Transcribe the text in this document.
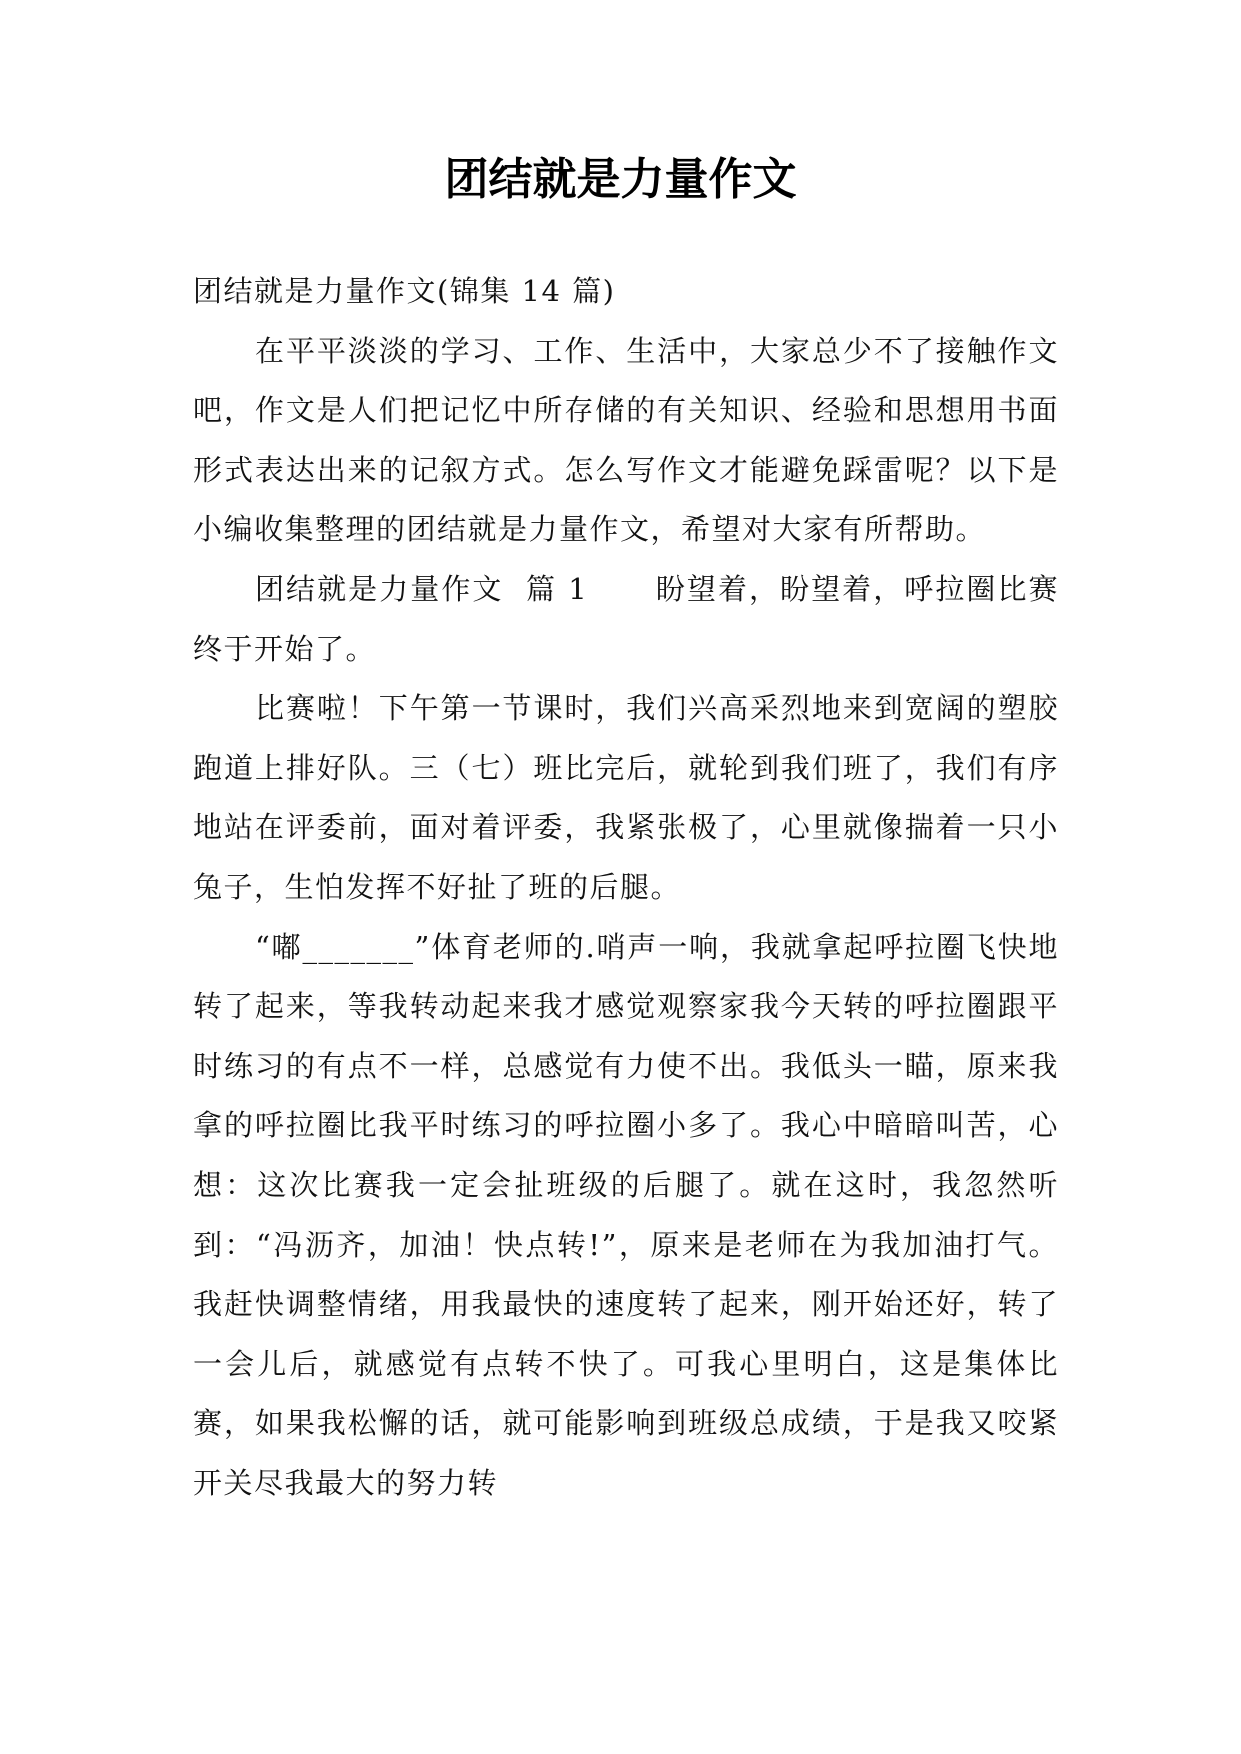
团结就是力量作文

团结就是力量作文(锦集 14 篇)

在平平淡淡的学习、工作、生活中，大家总少不了接触作文吧，作文是人们把记忆中所存储的有关知识、经验和思想用书面形式表达出来的记叙方式。怎么写作文才能避免踩雷呢？以下是小编收集整理的团结就是力量作文，希望对大家有所帮助。

团结就是力量作文  篇 1      盼望着，盼望着，呼拉圈比赛终于开始了。

比赛啦！下午第一节课时，我们兴高采烈地来到宽阔的塑胶跑道上排好队。三（七）班比完后，就轮到我们班了，我们有序地站在评委前，面对着评委，我紧张极了，心里就像揣着一只小兔子，生怕发挥不好扯了班的后腿。

“嘟_______”体育老师的.哨声一响，我就拿起呼拉圈飞快地转了起来，等我转动起来我才感觉观察家我今天转的呼拉圈跟平时练习的有点不一样，总感觉有力使不出。我低头一瞄，原来我拿的呼拉圈比我平时练习的呼拉圈小多了。我心中暗暗叫苦，心想：这次比赛我一定会扯班级的后腿了。就在这时，我忽然听到：“冯沥齐，加油！快点转!”，原来是老师在为我加油打气。我赶快调整情绪，用我最快的速度转了起来，刚开始还好，转了一会儿后，就感觉有点转不快了。可我心里明白，这是集体比赛，如果我松懈的话，就可能影响到班级总成绩，于是我又咬紧开关尽我最大的努力转
